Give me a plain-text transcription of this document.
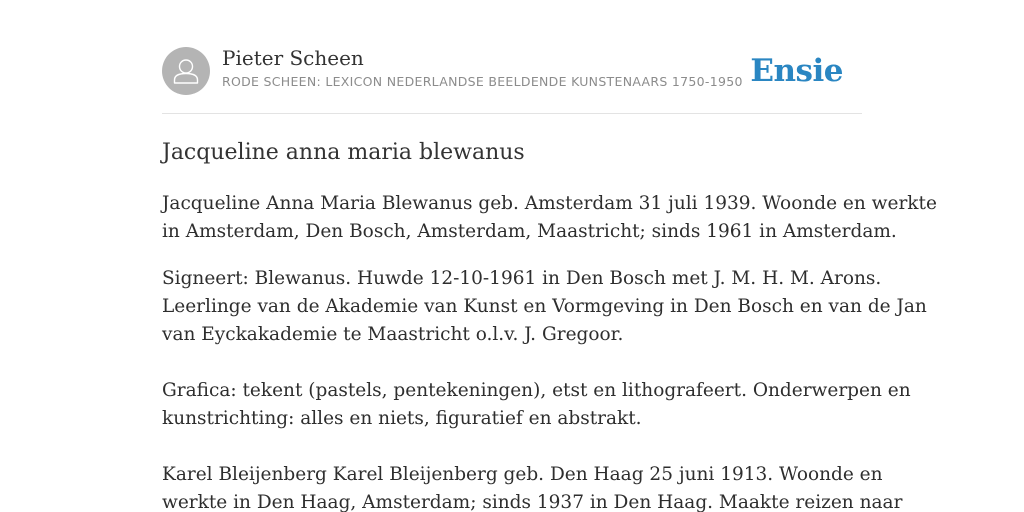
Pieter Scheen
RODE SCHEEN: LEXICON NEDERLANDSE BEELDENDE KUNSTENAARS 1750-1950 Ensie
Jacqueline anna maria blewanus

Jacqueline Anna Maria Blewanus geb. Amsterdam 31 juli 1939. Woonde en werkte
in Amsterdam, Den Bosch, Amsterdam, Maastricht; sinds 1961 in Amsterdam.

Signeert: Blewanus. Huwde 12-10-1961 in Den Bosch met J. M. H. M. Arons.
Leerlinge van de Akademie van Kunst en Vormgeving in Den Bosch en van de Jan
van Eyckakademie te Maastricht o.l.v. J. Gregoor.

Grafica: tekent (pastels, pentekeningen), etst en lithografeert. Onderwerpen en
kunstrichting: alles en niets, figuratief en abstrakt.

Karel Bleijenberg Karel Bleijenberg geb. Den Haag 25 juni 1913. Woonde en
werkte in Den Haag, Amsterdam; sinds 1937 in Den Haag. Maakte reizen naar
